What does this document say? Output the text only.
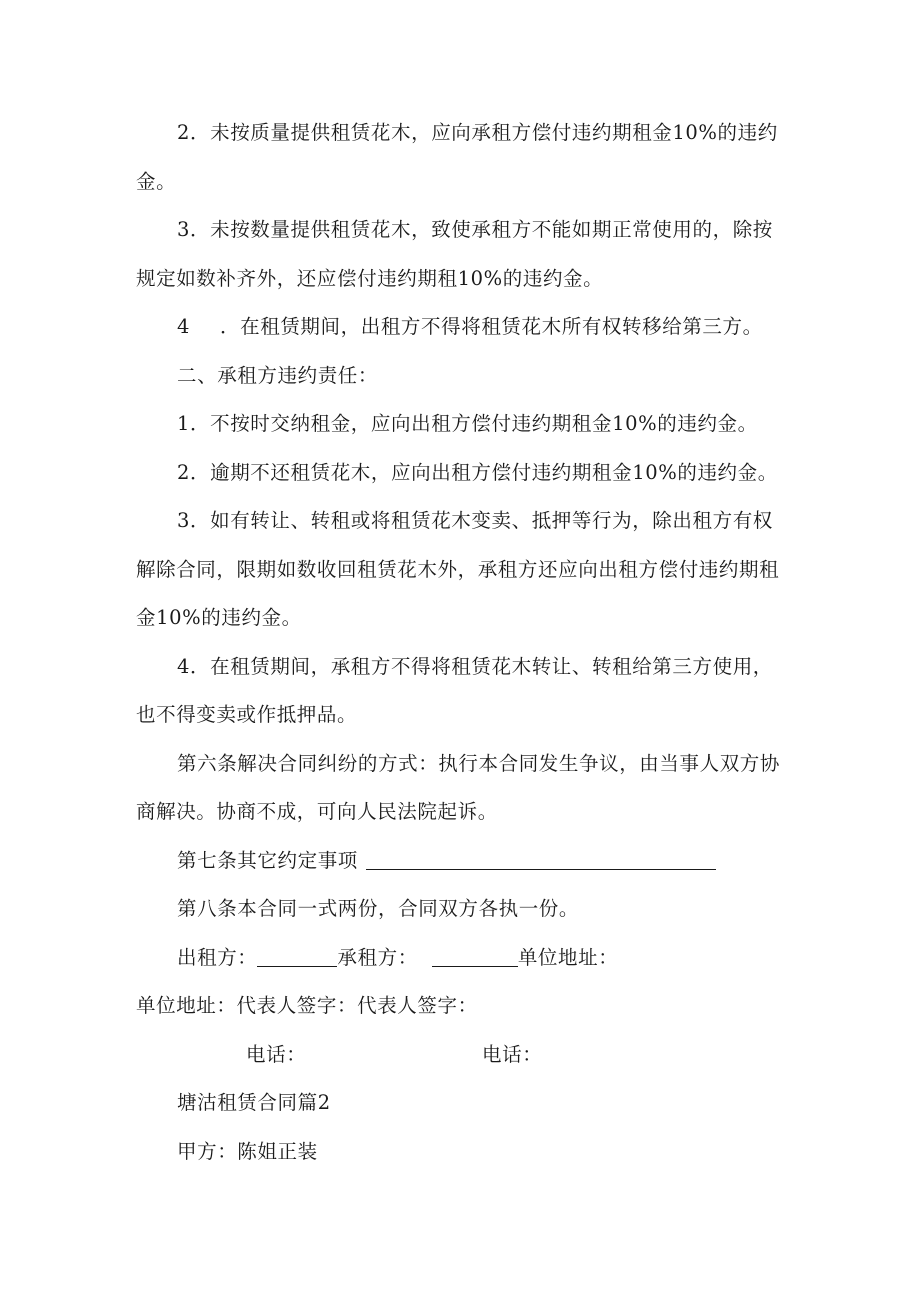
2．未按质量提供租赁花木，应向承租方偿付违约期租金10%的违约
金。
3．未按数量提供租赁花木，致使承租方不能如期正常使用的，除按
规定如数补齐外，还应偿付违约期租10%的违约金。
4 ．在租赁期间，出租方不得将租赁花木所有权转移给第三方。
二、承租方违约责任：
1．不按时交纳租金，应向出租方偿付违约期租金10%的违约金。
2．逾期不还租赁花木，应向出租方偿付违约期租金10%的违约金。
3．如有转让、转租或将租赁花木变卖、抵押等行为，除出租方有权
解除合同，限期如数收回租赁花木外，承租方还应向出租方偿付违约期租
金10%的违约金。
4．在租赁期间，承租方不得将租赁花木转让、转租给第三方使用，
也不得变卖或作抵押品。
第六条解决合同纠纷的方式：执行本合同发生争议，由当事人双方协
商解决。协商不成，可向人民法院起诉。
第七条其它约定事项
第八条本合同一式两份，合同双方各执一份。
出租方：	承租方：	单位地址：
单位地址：代表人签字：代表人签字：
电话：	电话：
塘沽租赁合同篇2
甲方：陈姐正装
